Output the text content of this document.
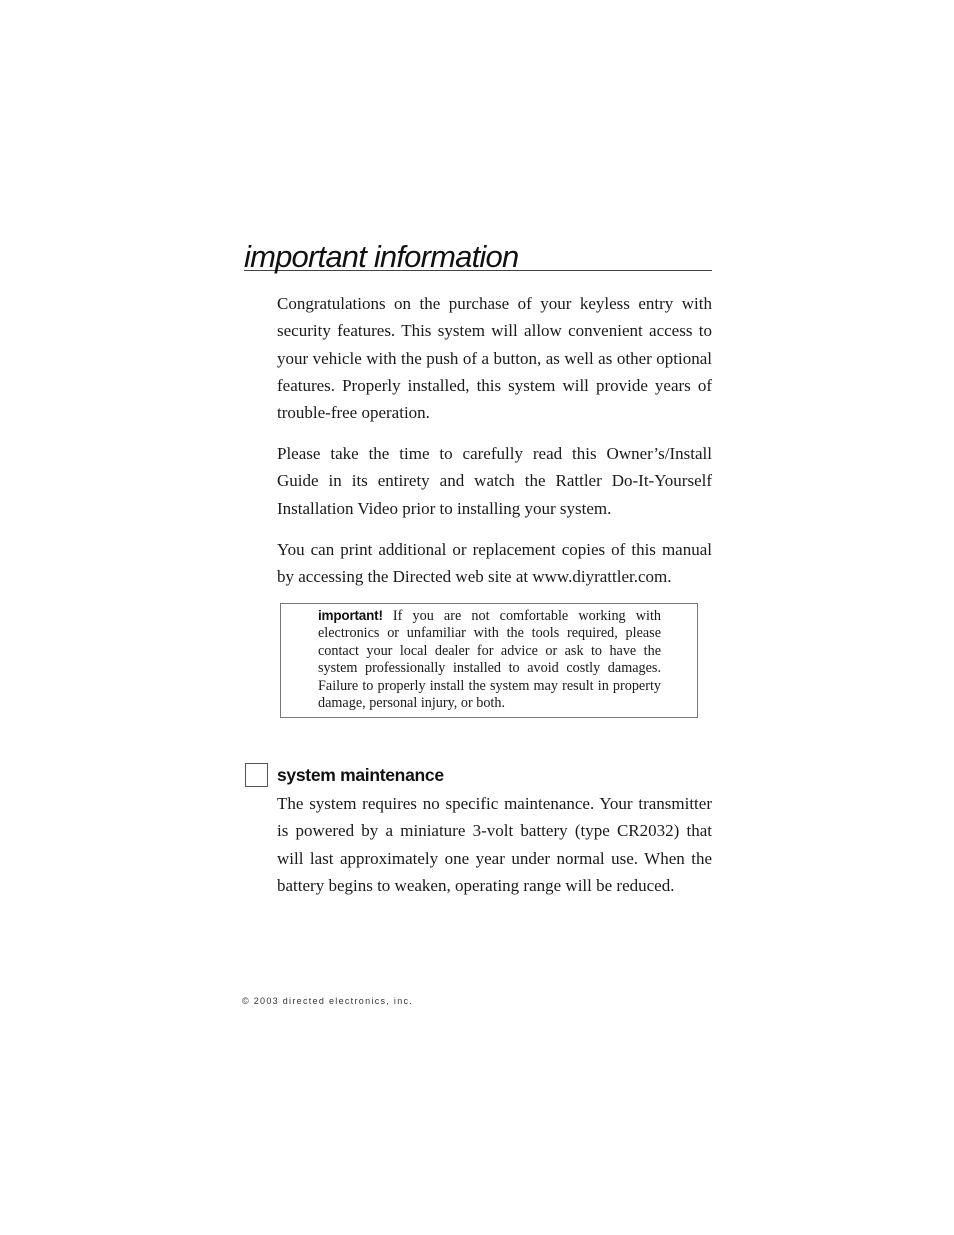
important information

Congratulations on the purchase of your keyless entry with security features. This system will allow convenient access to your vehicle with the push of a button, as well as other optional features. Properly installed, this system will provide years of trouble-free operation.

Please take the time to carefully read this Owner’s/Install Guide in its entirety and watch the Rattler Do-It-Yourself Installation Video prior to installing your system.

You can print additional or replacement copies of this manual by accessing the Directed web site at www.diyrattler.com.

important! If you are not comfortable working with electronics or unfamiliar with the tools required, please contact your local dealer for advice or ask to have the system professionally installed to avoid costly damages. Failure to properly install the system may result in property damage, personal injury, or both.

system maintenance

The system requires no specific maintenance. Your transmitter is powered by a miniature 3-volt battery (type CR2032) that will last approximately one year under normal use. When the battery begins to weaken, operating range will be reduced.

© 2003 directed electronics, inc.
